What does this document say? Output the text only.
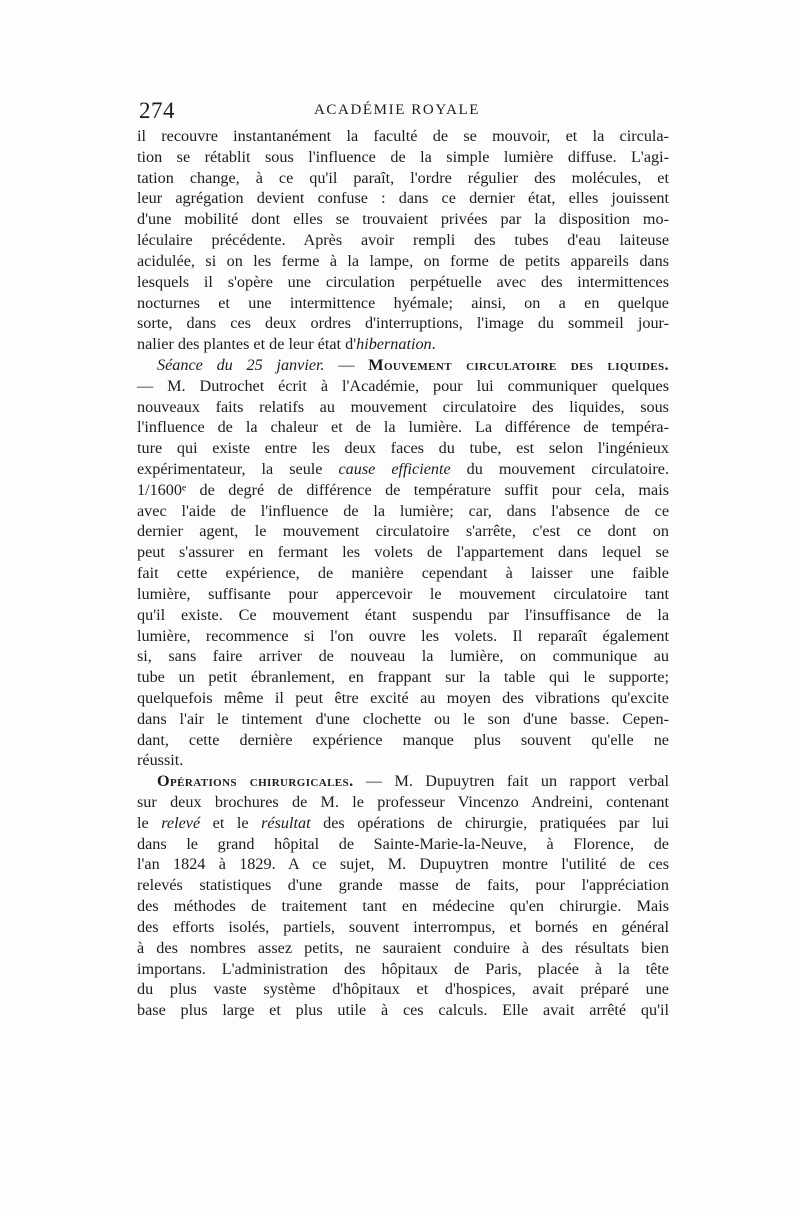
274	ACADÉMIE ROYALE
il recouvre instantanément la faculté de se mouvoir, et la circula-
tion se rétablit sous l'influence de la simple lumière diffuse. L'agi-
tation change, à ce qu'il paraît, l'ordre régulier des molécules, et
leur agrégation devient confuse : dans ce dernier état, elles jouissent
d'une mobilité dont elles se trouvaient privées par la disposition mo-
léculaire précédente. Après avoir rempli des tubes d'eau laiteuse
acidulée, si on les ferme à la lampe, on forme de petits appareils dans
lesquels il s'opère une circulation perpétuelle avec des intermittences
nocturnes et une intermittence hyémale; ainsi, on a en quelque
sorte, dans ces deux ordres d'interruptions, l'image du sommeil jour-
nalier des plantes et de leur état d'hibernation.
Séance du 25 janvier. — Mouvement circulatoire des liquides.
— M. Dutrochet écrit à l'Académie, pour lui communiquer quelques
nouveaux faits relatifs au mouvement circulatoire des liquides, sous
l'influence de la chaleur et de la lumière. La différence de tempéra-
ture qui existe entre les deux faces du tube, est selon l'ingénieux
expérimentateur, la seule cause efficiente du mouvement circulatoire.
1/1600ᵉ de degré de différence de température suffit pour cela, mais
avec l'aide de l'influence de la lumière; car, dans l'absence de ce
dernier agent, le mouvement circulatoire s'arrête, c'est ce dont on
peut s'assurer en fermant les volets de l'appartement dans lequel se
fait cette expérience, de manière cependant à laisser une faible
lumière, suffisante pour appercevoir le mouvement circulatoire tant
qu'il existe. Ce mouvement étant suspendu par l'insuffisance de la
lumière, recommence si l'on ouvre les volets. Il reparaît également
si, sans faire arriver de nouveau la lumière, on communique au
tube un petit ébranlement, en frappant sur la table qui le supporte;
quelquefois même il peut être excité au moyen des vibrations qu'excite
dans l'air le tintement d'une clochette ou le son d'une basse. Cepen-
dant, cette dernière expérience manque plus souvent qu'elle ne
réussit.
Opérations chirurgicales. — M. Dupuytren fait un rapport verbal
sur deux brochures de M. le professeur Vincenzo Andreini, contenant
le relevé et le résultat des opérations de chirurgie, pratiquées par lui
dans le grand hôpital de Sainte-Marie-la-Neuve, à Florence, de
l'an 1824 à 1829. A ce sujet, M. Dupuytren montre l'utilité de ces
relevés statistiques d'une grande masse de faits, pour l'appréciation
des méthodes de traitement tant en médecine qu'en chirurgie. Mais
des efforts isolés, partiels, souvent interrompus, et bornés en général
à des nombres assez petits, ne sauraient conduire à des résultats bien
importans. L'administration des hôpitaux de Paris, placée à la tête
du plus vaste système d'hôpitaux et d'hospices, avait préparé une
base plus large et plus utile à ces calculs. Elle avait arrêté qu'il
